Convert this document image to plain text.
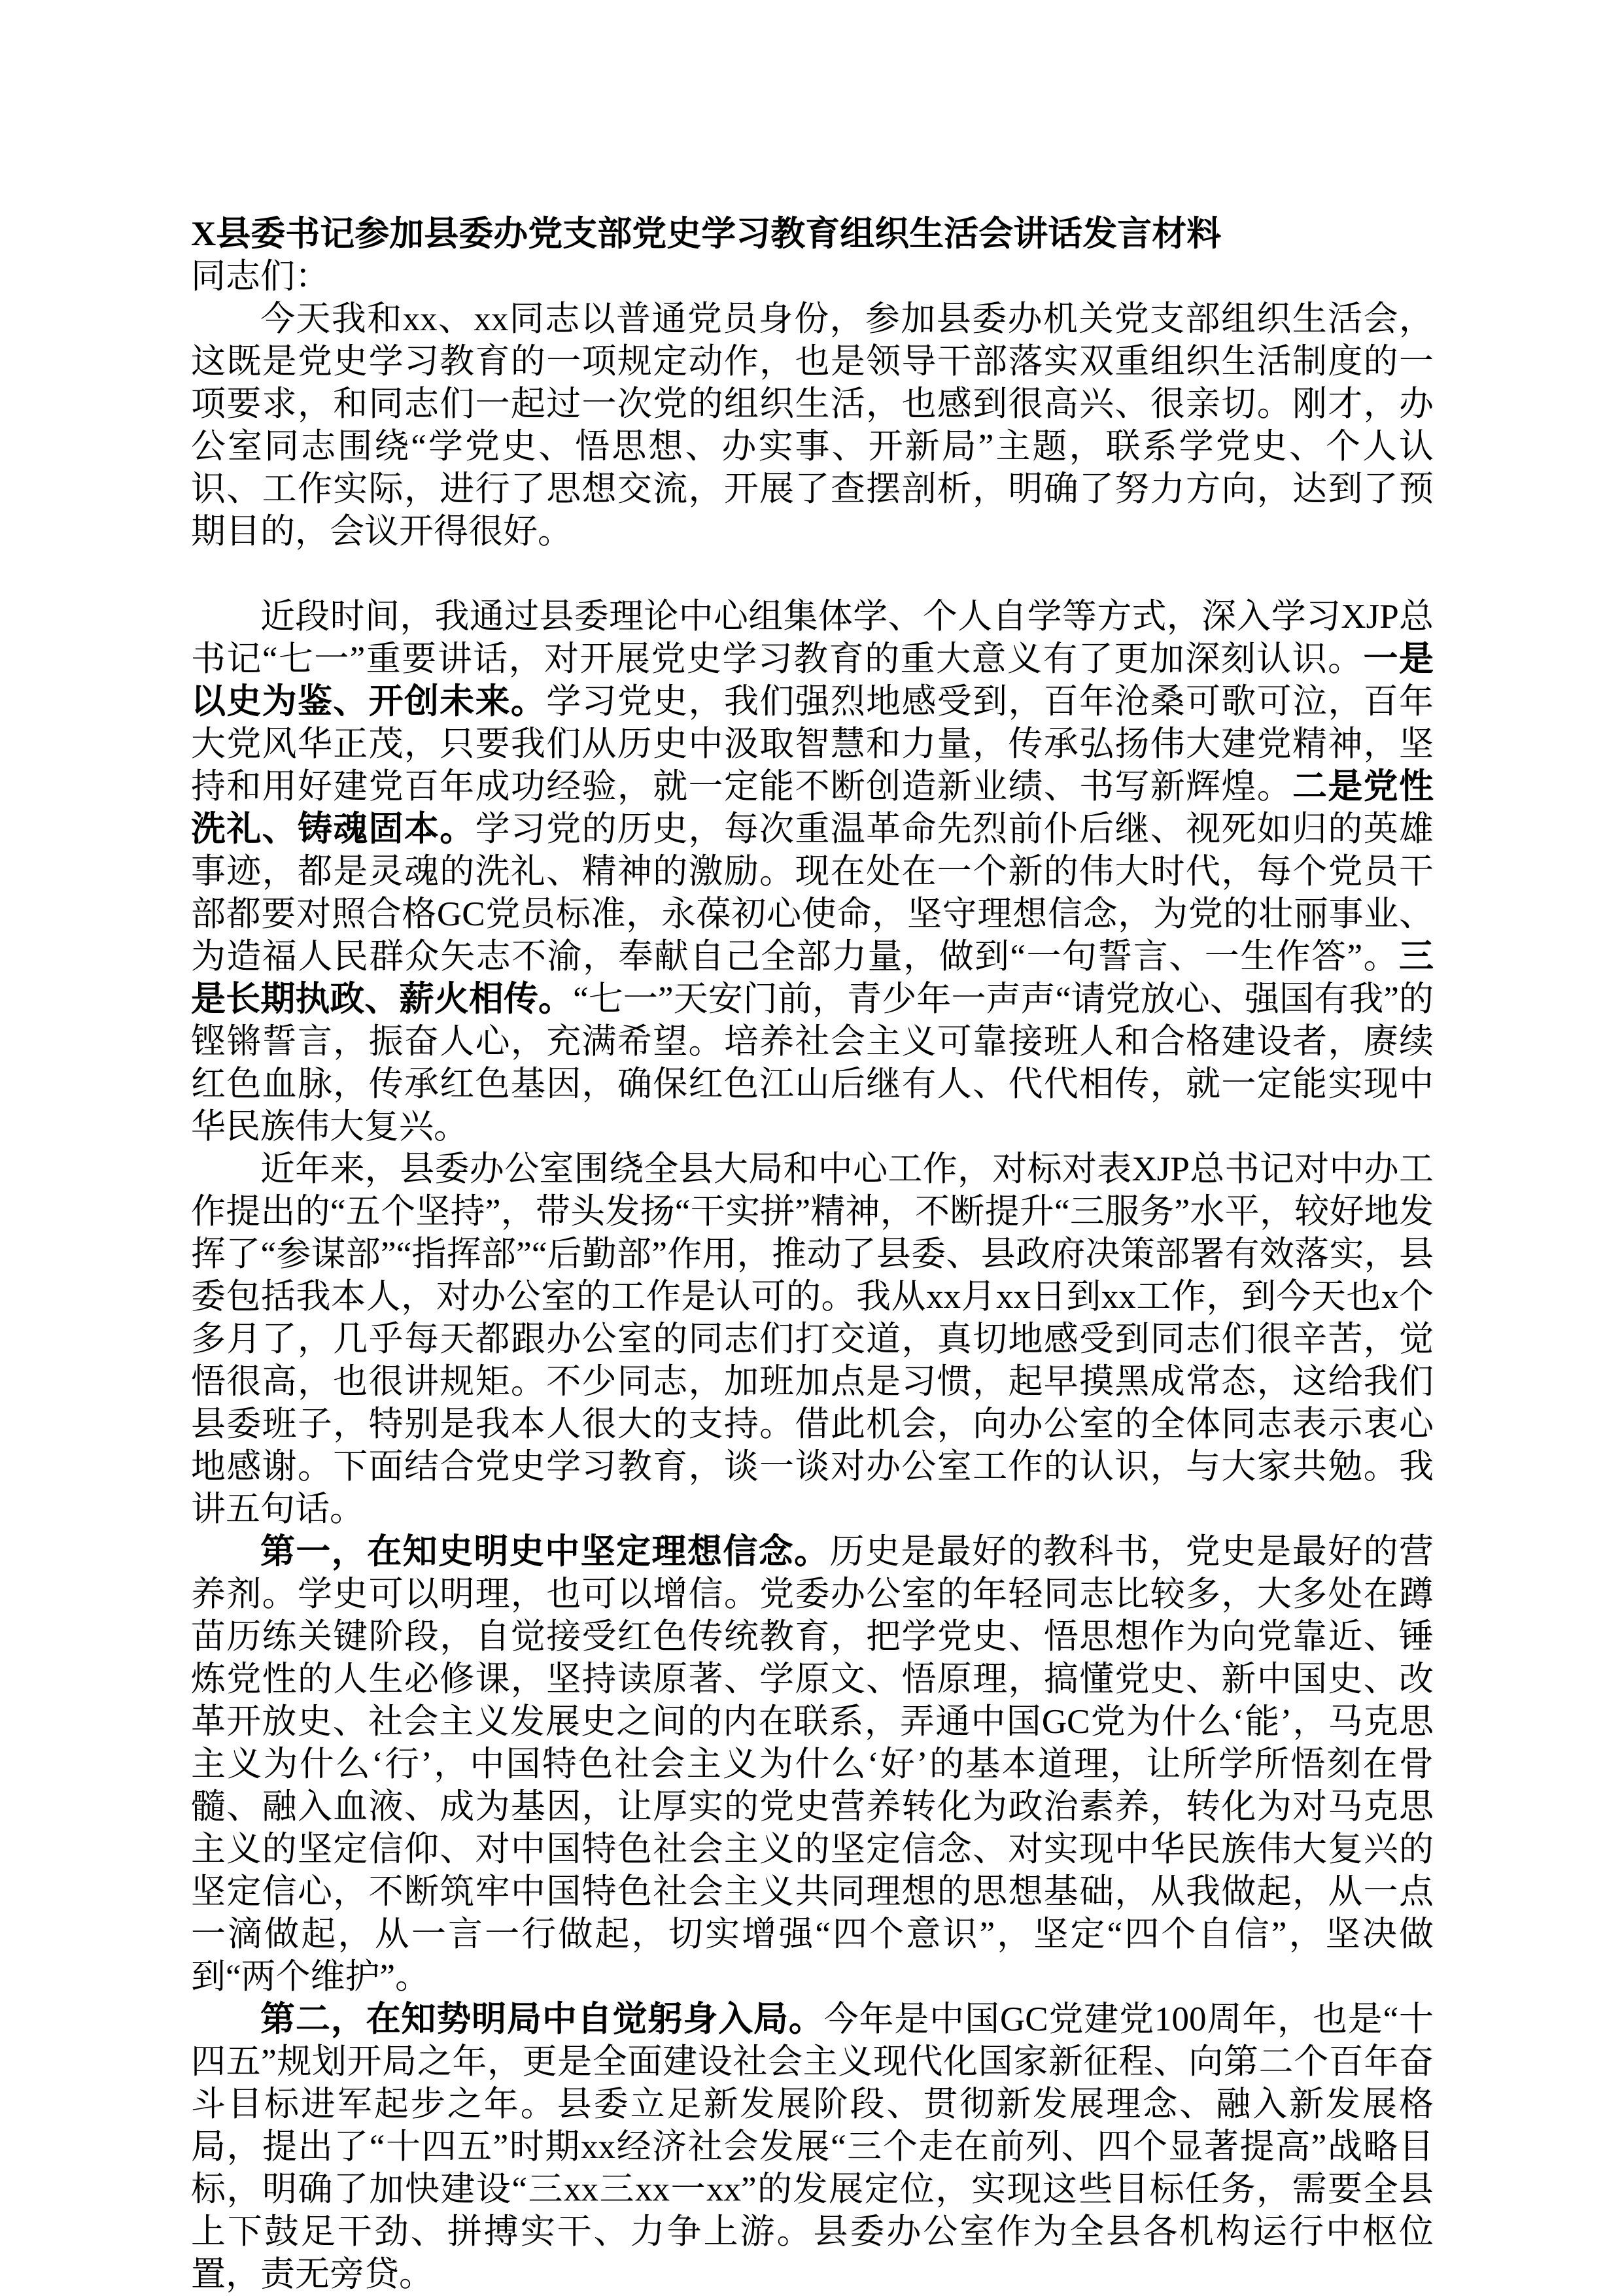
X县委书记参加县委办党支部党史学习教育组织生活会讲话发言材料

同志们：

今天我和xx、xx同志以普通党员身份，参加县委办机关党支部组织生活会，这既是党史学习教育的一项规定动作，也是领导干部落实双重组织生活制度的一项要求，和同志们一起过一次党的组织生活，也感到很高兴、很亲切。刚才，办公室同志围绕“学党史、悟思想、办实事、开新局”主题，联系学党史、个人认识、工作实际，进行了思想交流，开展了查摆剖析，明确了努力方向，达到了预期目的，会议开得很好。

近段时间，我通过县委理论中心组集体学、个人自学等方式，深入学习XJP总书记“七一”重要讲话，对开展党史学习教育的重大意义有了更加深刻认识。一是以史为鉴、开创未来。学习党史，我们强烈地感受到，百年沧桑可歌可泣，百年大党风华正茂，只要我们从历史中汲取智慧和力量，传承弘扬伟大建党精神，坚持和用好建党百年成功经验，就一定能不断创造新业绩、书写新辉煌。二是党性洗礼、铸魂固本。学习党的历史，每次重温革命先烈前仆后继、视死如归的英雄事迹，都是灵魂的洗礼、精神的激励。现在处在一个新的伟大时代，每个党员干部都要对照合格GC党员标准，永葆初心使命，坚守理想信念，为党的壮丽事业、为造福人民群众矢志不渝，奉献自己全部力量，做到“一句誓言、一生作答”。三是长期执政、薪火相传。“七一”天安门前，青少年一声声“请党放心、强国有我”的铿锵誓言，振奋人心，充满希望。培养社会主义可靠接班人和合格建设者，赓续红色血脉，传承红色基因，确保红色江山后继有人、代代相传，就一定能实现中华民族伟大复兴。

近年来，县委办公室围绕全县大局和中心工作，对标对表XJP总书记对中办工作提出的“五个坚持”，带头发扬“干实拼”精神，不断提升“三服务”水平，较好地发挥了“参谋部”“指挥部”“后勤部”作用，推动了县委、县政府决策部署有效落实，县委包括我本人，对办公室的工作是认可的。我从xx月xx日到xx工作，到今天也x个多月了，几乎每天都跟办公室的同志们打交道，真切地感受到同志们很辛苦，觉悟很高，也很讲规矩。不少同志，加班加点是习惯，起早摸黑成常态，这给我们县委班子，特别是我本人很大的支持。借此机会，向办公室的全体同志表示衷心地感谢。下面结合党史学习教育，谈一谈对办公室工作的认识，与大家共勉。我讲五句话。

第一，在知史明史中坚定理想信念。历史是最好的教科书，党史是最好的营养剂。学史可以明理，也可以增信。党委办公室的年轻同志比较多，大多处在蹲苗历练关键阶段，自觉接受红色传统教育，把学党史、悟思想作为向党靠近、锤炼党性的人生必修课，坚持读原著、学原文、悟原理，搞懂党史、新中国史、改革开放史、社会主义发展史之间的内在联系，弄通中国GC党为什么‘能’，马克思主义为什么‘行’，中国特色社会主义为什么‘好’的基本道理，让所学所悟刻在骨髓、融入血液、成为基因，让厚实的党史营养转化为政治素养，转化为对马克思主义的坚定信仰、对中国特色社会主义的坚定信念、对实现中华民族伟大复兴的坚定信心，不断筑牢中国特色社会主义共同理想的思想基础，从我做起，从一点一滴做起，从一言一行做起，切实增强“四个意识”，坚定“四个自信”，坚决做到“两个维护”。

第二，在知势明局中自觉躬身入局。今年是中国GC党建党100周年，也是“十四五”规划开局之年，更是全面建设社会主义现代化国家新征程、向第二个百年奋斗目标进军起步之年。县委立足新发展阶段、贯彻新发展理念、融入新发展格局，提出了“十四五”时期xx经济社会发展“三个走在前列、四个显著提高”战略目标，明确了加快建设“三xx三xx一xx”的发展定位，实现这些目标任务，需要全县上下鼓足干劲、拼搏实干、力争上游。县委办公室作为全县各机构运行中枢位置，责无旁贷。
